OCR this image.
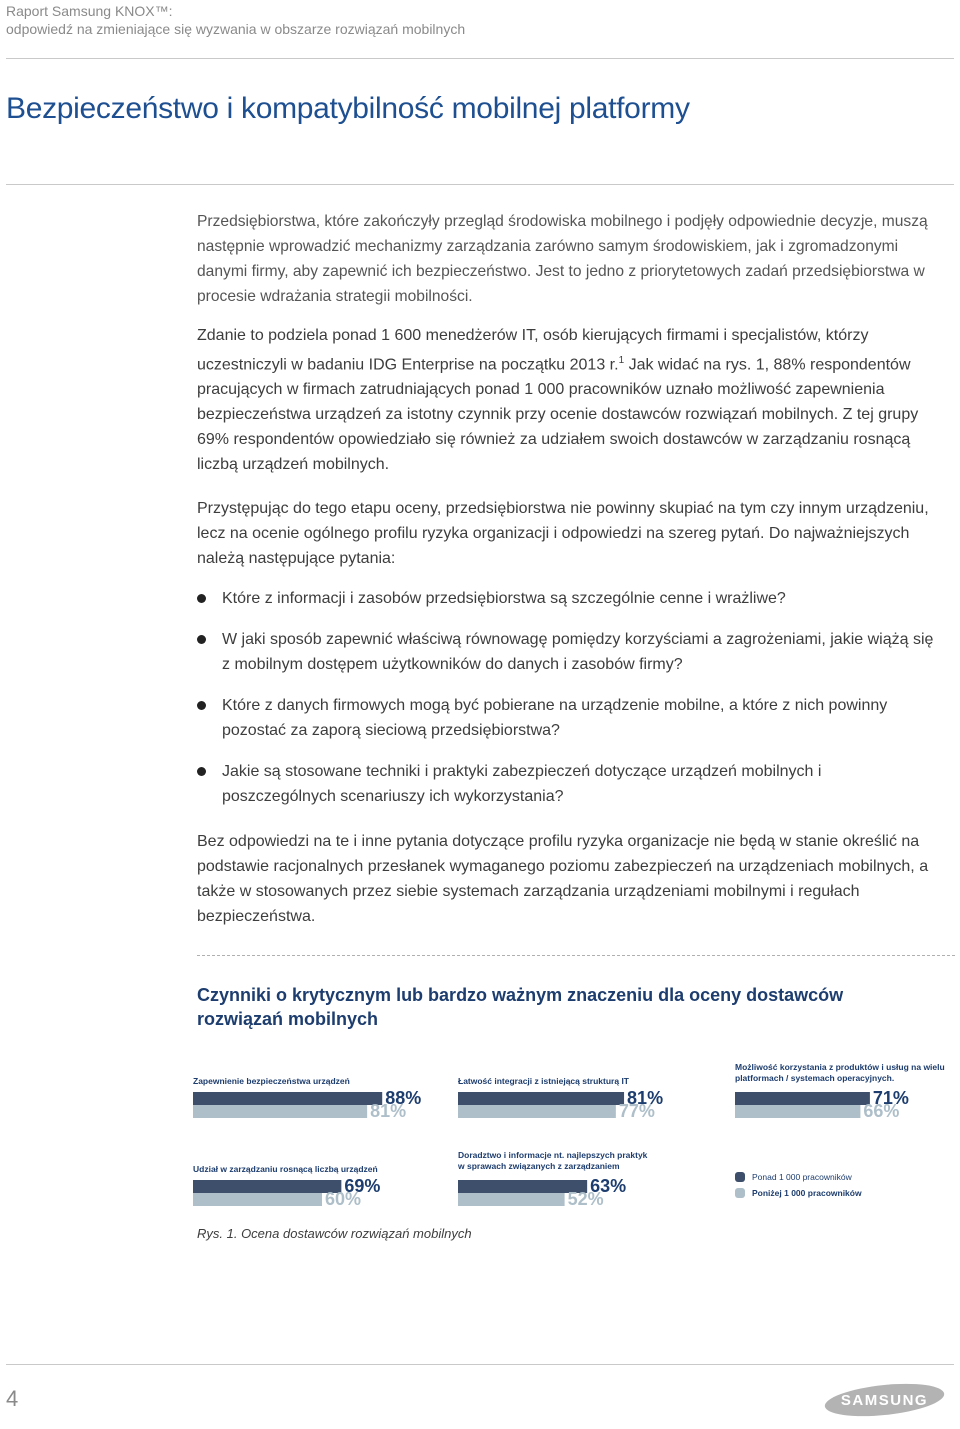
Raport Samsung KNOX™:
odpowiedź na zmieniające się wyzwania w obszarze rozwiązań mobilnych
Bezpieczeństwo i kompatybilność mobilnej platformy

Przedsiębiorstwa, które zakończyły przegląd środowiska mobilnego i podjęły odpowiednie decyzje, muszą następnie wprowadzić mechanizmy zarządzania zarówno samym środowiskiem, jak i zgromadzonymi danymi firmy, aby zapewnić ich bezpieczeństwo. Jest to jedno z priorytetowych zadań przedsiębiorstwa w procesie wdrażania strategii mobilności.

Zdanie to podziela ponad 1 600 menedżerów IT, osób kierujących firmami i specjalistów, którzy uczestniczyli w badaniu IDG Enterprise na początku 2013 r.$^1$ Jak widać na rys. 1, 88% respondentów pracujących w firmach zatrudniających ponad 1 000 pracowników uznało możliwość zapewnienia bezpieczeństwa urządzeń za istotny czynnik przy ocenie dostawców rozwiązań mobilnych. Z tej grupy 69% respondentów opowiedziało się również za udziałem swoich dostawców w zarządzaniu rosnącą liczbą urządzeń mobilnych.

Przystępując do tego etapu oceny, przedsiębiorstwa nie powinny skupiać na tym czy innym urządzeniu, lecz na ocenie ogólnego profilu ryzyka organizacji i odpowiedzi na szereg pytań. Do najważniejszych należą następujące pytania:

Które z informacji i zasobów przedsiębiorstwa są szczególnie cenne i wrażliwe?
W jaki sposób zapewnić właściwą równowagę pomiędzy korzyściami a zagrożeniami, jakie wiążą się z mobilnym dostępem użytkowników do danych i zasobów firmy?
Które z danych firmowych mogą być pobierane na urządzenie mobilne, a które z nich powinny pozostać za zaporą sieciową przedsiębiorstwa?
Jakie są stosowane techniki i praktyki zabezpieczeń dotyczące urządzeń mobilnych i poszczególnych scenariuszy ich wykorzystania?

Bez odpowiedzi na te i inne pytania dotyczące profilu ryzyka organizacje nie będą w stanie określić na podstawie racjonalnych przesłanek wymaganego poziomu zabezpieczeń na urządzeniach mobilnych, a także w stosowanych przez siebie systemach zarządzania urządzeniami mobilnymi i regułach bezpieczeństwa.

Czynniki o krytycznym lub bardzo ważnym znaczeniu dla oceny dostawców rozwiązań mobilnych
Zapewnienie bezpieczeństwa urządzeń
88%
81%
Łatwość integracji z istniejącą strukturą IT
81%
77%
Możliwość korzystania z produktów i usług na wielu
platformach / systemach operacyjnych.
71%
66%
Udział w zarządzaniu rosnącą liczbą urządzeń
69%
60%
Doradztwo i informacje nt. najlepszych praktyk
w sprawach związanych z zarządzaniem
63%
52%
Ponad 1 000 pracowników
Poniżej 1 000 pracowników
Rys. 1. Ocena dostawców rozwiązań mobilnych
4	SAMSUNG
